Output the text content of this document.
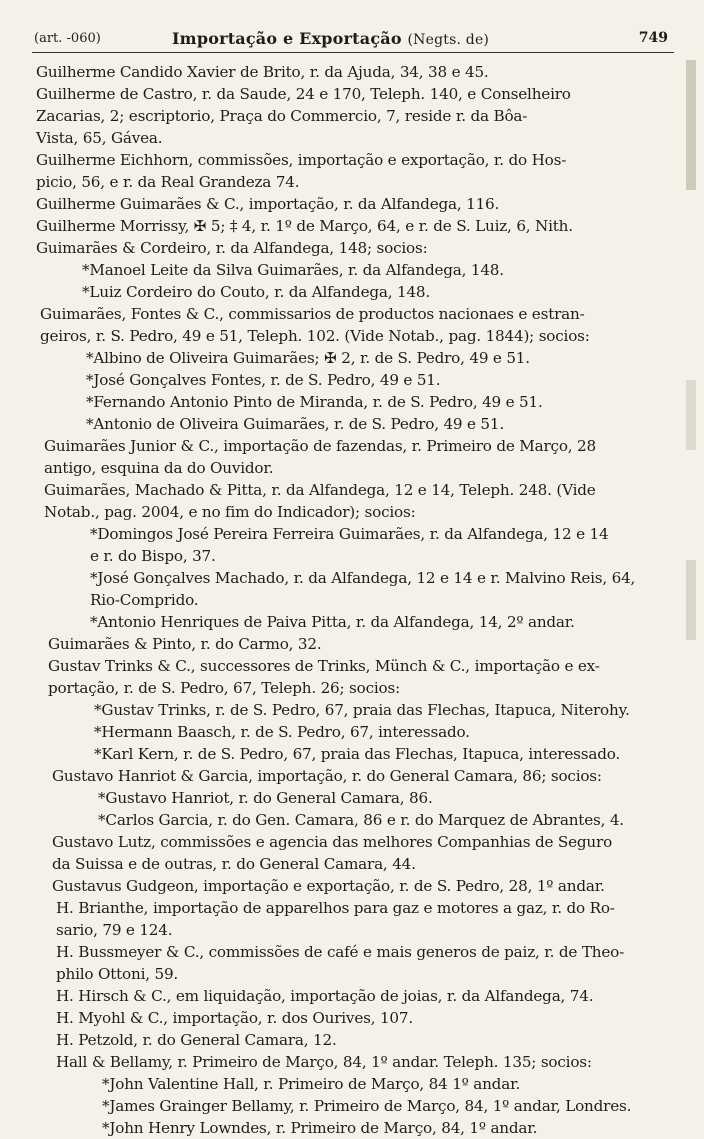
(art. -060)	Importação e Exportação (Negts. de)	749

Guilherme Candido Xavier de Brito, r. da Ajuda, 34, 38 e 45.

Guilherme de Castro, r. da Saude, 24 e 170, Teleph. 140, e Conselheiro
Zacarias, 2; escriptorio, Praça do Commercio, 7, reside r. da Bôa-
Vista, 65, Gávea.

Guilherme Eichhorn, commissões, importação e exportação, r. do Hos-
picio, 56, e r. da Real Grandeza 74.

Guilherme Guimarães & C., importação, r. da Alfandega, 116.

Guilherme Morrissy, ✠ 5; ‡ 4, r. 1º de Março, 64, e r. de S. Luiz, 6, Nith.

Guimarães & Cordeiro, r. da Alfandega, 148; socios:

*Manoel Leite da Silva Guimarães, r. da Alfandega, 148.

*Luiz Cordeiro do Couto, r. da Alfandega, 148.

Guimarães, Fontes & C., commissarios de productos nacionaes e estran-
geiros, r. S. Pedro, 49 e 51, Teleph. 102. (Vide Notab., pag. 1844); socios:

*Albino de Oliveira Guimarães; ✠ 2, r. de S. Pedro, 49 e 51.

*José Gonçalves Fontes, r. de S. Pedro, 49 e 51.

*Fernando Antonio Pinto de Miranda, r. de S. Pedro, 49 e 51.

*Antonio de Oliveira Guimarães, r. de S. Pedro, 49 e 51.

Guimarães Junior & C., importação de fazendas, r. Primeiro de Março, 28
antigo, esquina da do Ouvidor.

Guimarães, Machado & Pitta, r. da Alfandega, 12 e 14, Teleph. 248. (Vide
Notab., pag. 2004, e no fim do Indicador); socios:

*Domingos José Pereira Ferreira Guimarães, r. da Alfandega, 12 e 14
e r. do Bispo, 37.

*José Gonçalves Machado, r. da Alfandega, 12 e 14 e r. Malvino Reis, 64,
Rio-Comprido.

*Antonio Henriques de Paiva Pitta, r. da Alfandega, 14, 2º andar.

Guimarães & Pinto, r. do Carmo, 32.

Gustav Trinks & C., successores de Trinks, Münch & C., importação e ex-
portação, r. de S. Pedro, 67, Teleph. 26; socios:

*Gustav Trinks, r. de S. Pedro, 67, praia das Flechas, Itapuca, Niterohy.

*Hermann Baasch, r. de S. Pedro, 67, interessado.

*Karl Kern, r. de S. Pedro, 67, praia das Flechas, Itapuca, interessado.

Gustavo Hanriot & Garcia, importação, r. do General Camara, 86; socios:

*Gustavo Hanriot, r. do General Camara, 86.

*Carlos Garcia, r. do Gen. Camara, 86 e r. do Marquez de Abrantes, 4.

Gustavo Lutz, commissões e agencia das melhores Companhias de Seguro
da Suissa e de outras, r. do General Camara, 44.

Gustavus Gudgeon, importação e exportação, r. de S. Pedro, 28, 1º andar.

H. Brianthe, importação de apparelhos para gaz e motores a gaz, r. do Ro-
sario, 79 e 124.

H. Bussmeyer & C., commissões de café e mais generos de paiz, r. de Theo-
philo Ottoni, 59.

H. Hirsch & C., em liquidação, importação de joias, r. da Alfandega, 74.

H. Myohl & C., importação, r. dos Ourives, 107.

H. Petzold, r. do General Camara, 12.

Hall & Bellamy, r. Primeiro de Março, 84, 1º andar. Teleph. 135; socios:

*John Valentine Hall, r. Primeiro de Março, 84 1º andar.

*James Grainger Bellamy, r. Primeiro de Março, 84, 1º andar, Londres.

*John Henry Lowndes, r. Primeiro de Março, 84, 1º andar.
